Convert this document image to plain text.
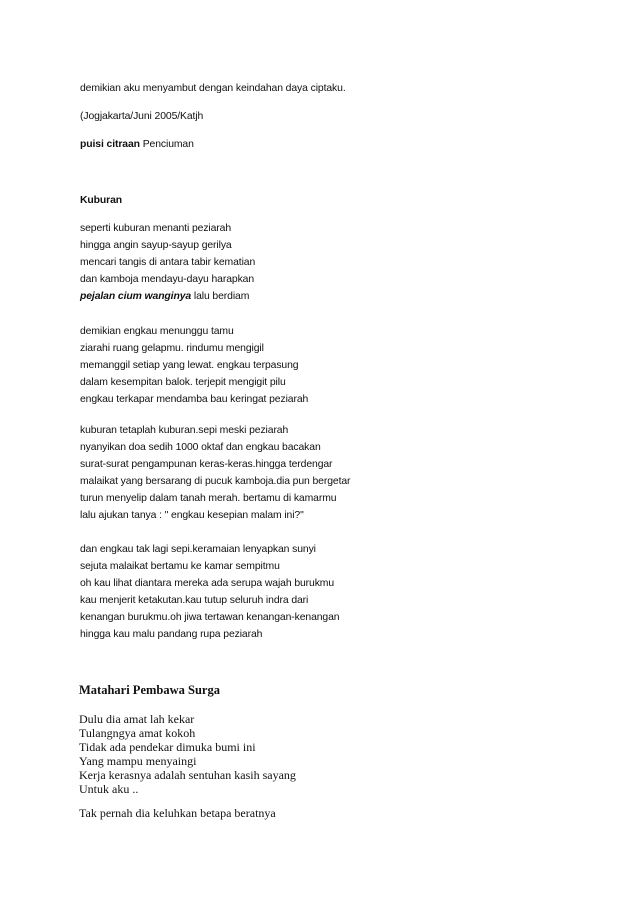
demikian aku menyambut dengan keindahan daya ciptaku.
(Jogjakarta/Juni 2005/Katjh
puisi citraan Penciuman
Kuburan
seperti kuburan menanti peziarah
hingga angin sayup-sayup gerilya
mencari tangis di antara tabir kematian
dan kamboja mendayu-dayu harapkan
pejalan cium wanginya lalu berdiam
demikian engkau menunggu tamu
ziarahi ruang gelapmu. rindumu mengigil
memanggil setiap yang lewat. engkau terpasung
dalam kesempitan balok. terjepit mengigit pilu
engkau terkapar mendamba bau keringat peziarah
kuburan tetaplah kuburan.sepi meski peziarah
nyanyikan doa sedih 1000 oktaf dan engkau bacakan
surat-surat pengampunan keras-keras.hingga terdengar
malaikat yang bersarang di pucuk kamboja.dia pun bergetar
turun menyelip dalam tanah merah. bertamu di kamarmu
lalu ajukan tanya : " engkau kesepian malam ini?"
dan engkau tak lagi sepi.keramaian lenyapkan sunyi
sejuta malaikat bertamu ke kamar sempitmu
oh kau lihat diantara mereka ada serupa wajah burukmu
kau menjerit ketakutan.kau tutup seluruh indra dari
kenangan burukmu.oh jiwa tertawan kenangan-kenangan
hingga kau malu pandang rupa peziarah
Matahari Pembawa Surga
Dulu dia amat lah kekar
Tulangngya amat kokoh
Tidak ada pendekar dimuka bumi ini
Yang mampu menyaingi
Kerja kerasnya adalah sentuhan kasih sayang
Untuk aku ..
Tak pernah dia keluhkan betapa beratnya
